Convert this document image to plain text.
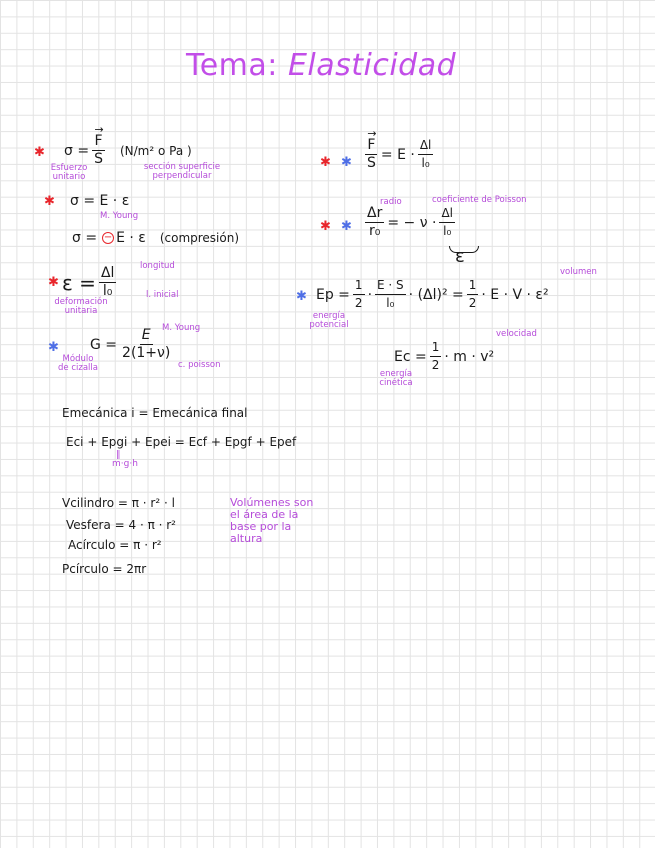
Tema: Elasticidad
✱ σ = → $\frac{F}{S} (N/m^2$ o Pa )
Esfuerzo unitario
sección superficie perpendicular
✱ σ = E · ε
M. Young
σ = − E · ε (compresión)
✱ $\varepsilon = \frac{\Delta l}{\text{l₀}}$	longitud
l. inicial
deformación unitaria
✱ $G = \frac{E}{2(1+\nu)}$
M. Young
c. poisson
Módulo de cizalla
✱ ✱ → $\frac{F}{S} = E \cdot \frac{\Delta l}{\text{l₀}}$
✱ ✱ $\frac{\Delta r}{\text{r₀}}$ = − $\nu \cdot \frac{\Delta l}{\text{l₀}}$
ε
radio	coeficiente de Poisson
✱ $Ep = \frac{1}{2} \cdot \frac{E \cdot S}{\text{l₀}} \cdot (\Delta l)^2 = \frac{1}{2} \cdot E \cdot V \cdot \varepsilon^2$
energía potencial
volumen
$Ec = \frac{1}{2} \cdot m \cdot v^2$
energía cinética
velocidad
Emecánica i = Emecánica final
Eci + Epgi + Epei = Ecf + Epgf + Epef
‖
m·g·h
Vcilindro = π · r² · l
Vesfera = 4 · π · r²
Acírculo = π · r²
Pcírculo = 2πr
Volúmenes son el área de la base por la altura
